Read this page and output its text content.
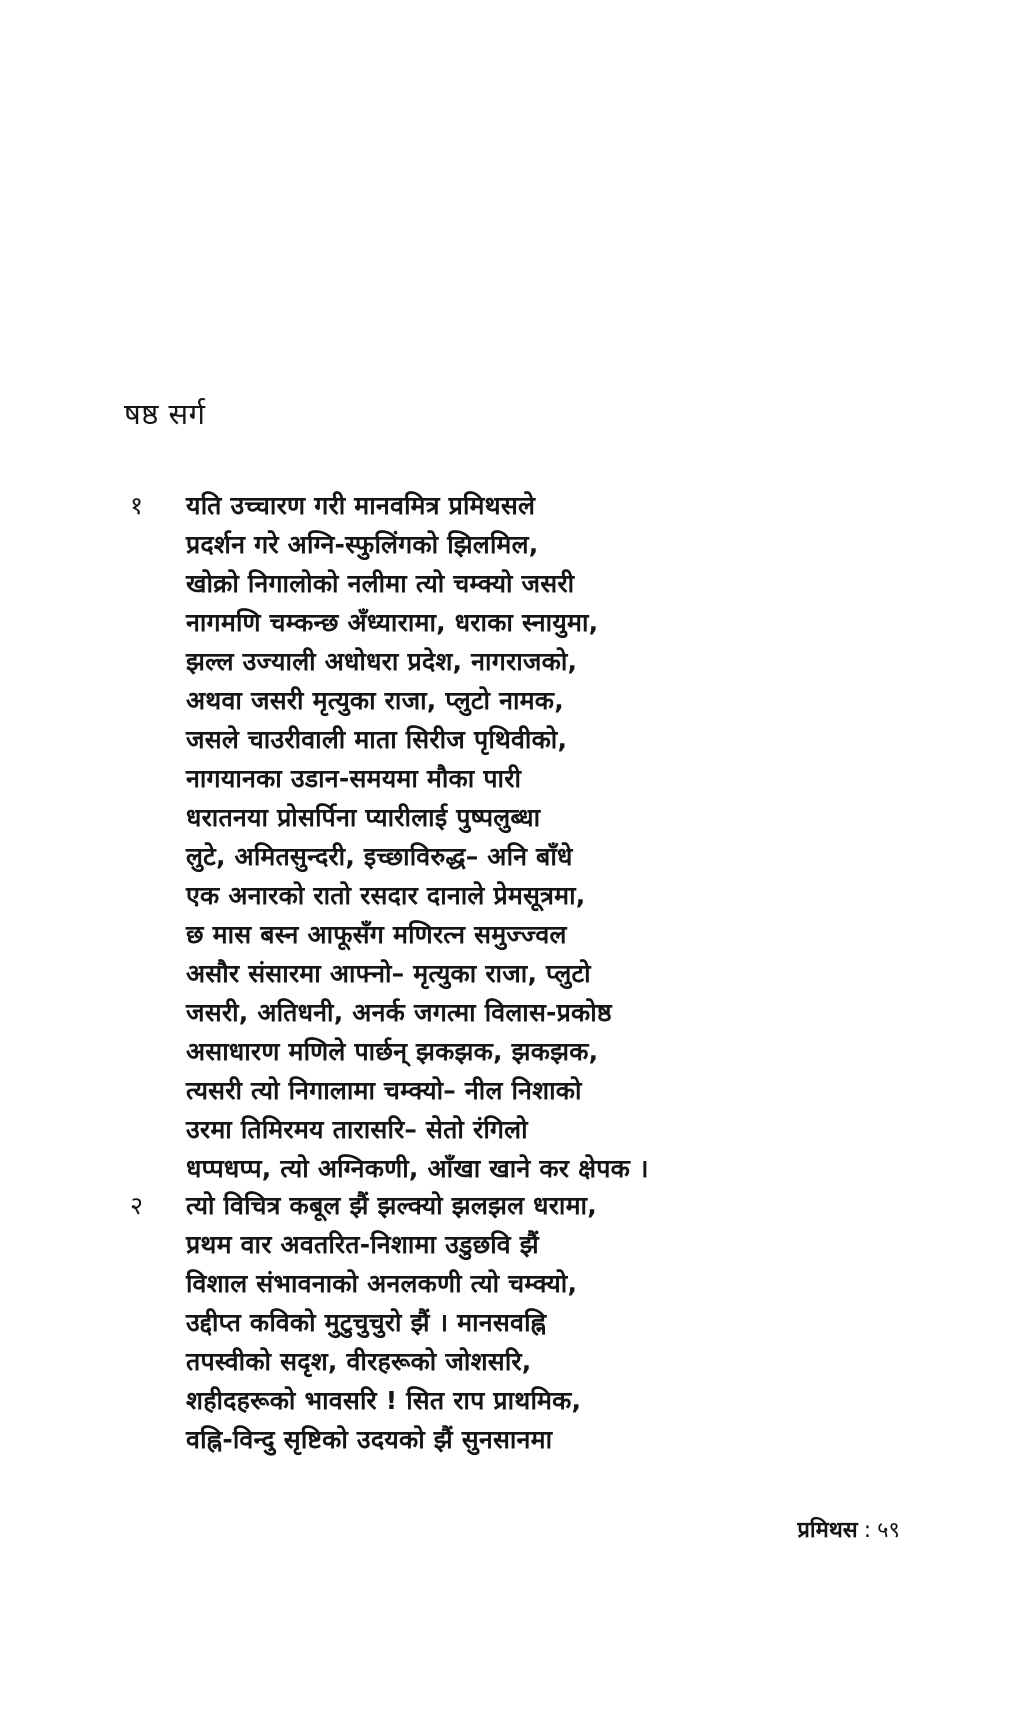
षष्ठ सर्ग
१ यति उच्चारण गरी मानवमित्र प्रमिथसले
प्रदर्शन गरे अग्नि-स्फुलिंगको झिलमिल,
खोक्रो निगालोको नलीमा त्यो चम्क्यो जसरी
नागमणि चम्कन्छ अँध्यारामा, धराका स्नायुमा,
झल्ल उज्याली अधोधरा प्रदेश, नागराजको,
अथवा जसरी मृत्युका राजा, प्लुटो नामक,
जसले चाउरीवाली माता सिरीज पृथिवीको,
नागयानका उडान-समयमा मौका पारी
धरातनया प्रोसर्पिना प्यारीलाई पुष्पलुब्धा
लुटे, अमितसुन्दरी, इच्छाविरुद्ध– अनि बाँधे
एक अनारको रातो रसदार दानाले प्रेमसूत्रमा,
छ मास बस्न आफूसँग मणिरत्न समुज्ज्वल
असौर संसारमा आफ्नो– मृत्युका राजा, प्लुटो
जसरी, अतिधनी, अनर्क जगत्मा विलास-प्रकोष्ठ
असाधारण मणिले पार्छन् झकझक, झकझक,
त्यसरी त्यो निगालामा चम्क्यो– नील निशाको
उरमा तिमिरमय तारासरि– सेतो रंगिलो
धप्पधप्प, त्यो अग्निकणी, आँखा खाने कर क्षेपक ।
२ त्यो विचित्र कबूल झैं झल्क्यो झलझल धरामा,
प्रथम वार अवतरित-निशामा उडुछवि झैं
विशाल संभावनाको अनलकणी त्यो चम्क्यो,
उद्दीप्त कविको मुटुचुचुरो झैं । मानसवह्नि
तपस्वीको सदृश, वीरहरूको जोशसरि,
शहीदहरूको भावसरि ! सित राप प्राथमिक,
वह्नि-विन्दु सृष्टिको उदयको झैं सुनसानमा
प्रमिथस : ५९
